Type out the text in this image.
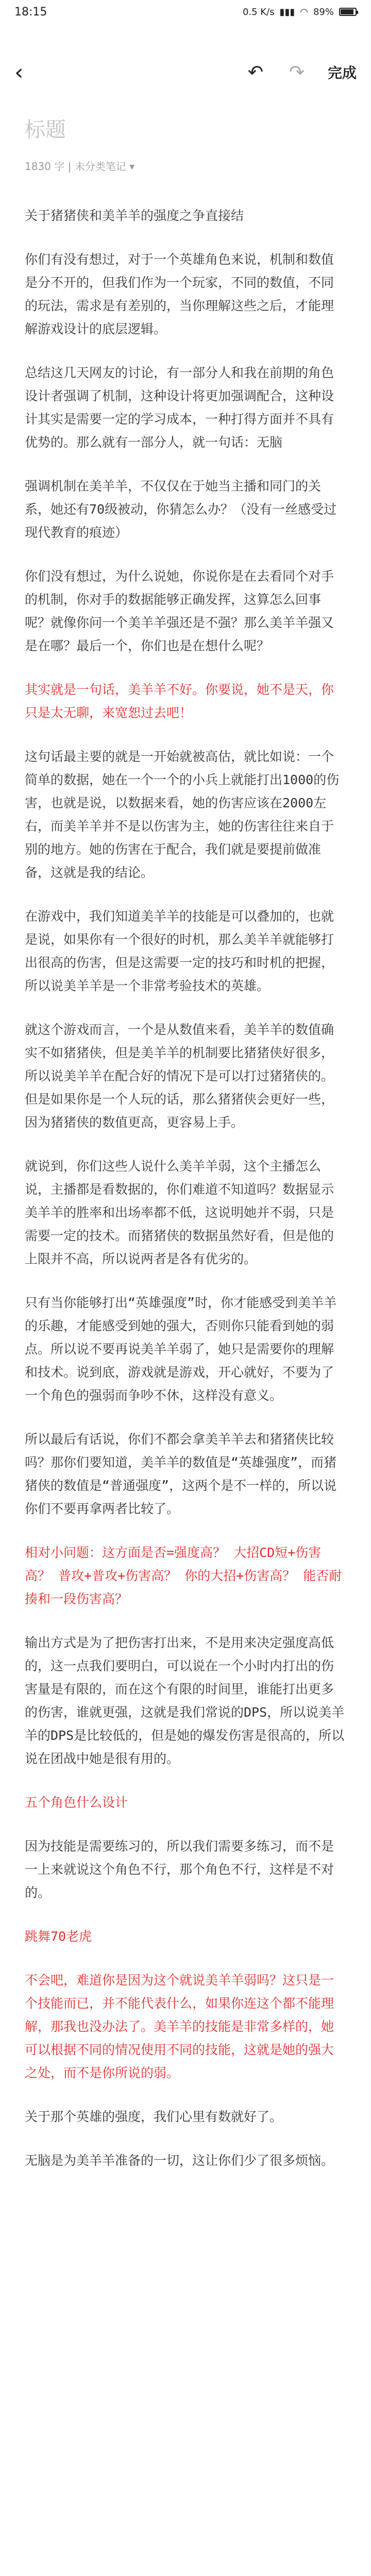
18:15	0.5 K/s ▮▮▮ ◠ 89%
‹	↶	↷	完成
标题
1830 字 | 未分类笔记 ▾
关于猪猪侠和美羊羊的强度之争直接结
你们有没有想过，对于一个英雄角色来说，机制和数值是分不开的，但我们作为一个玩家，不同的数值，不同的玩法，需求是有差别的，当你理解这些之后，才能理解游戏设计的底层逻辑。
总结这几天网友的讨论，有一部分人和我在前期的角色设计者强调了机制，这种设计将更加强调配合，这种设计其实是需要一定的学习成本，一种打得方面并不具有优势的。那么就有一部分人，就一句话：无脑
强调机制在美羊羊，不仅仅在于她当主播和同门的关系，她还有70级被动，你猜怎么办？（没有一丝感受过现代教育的痕迹）
你们没有想过，为什么说她，你说你是在去看同个对手的机制，你对手的数据能够正确发挥，这算怎么回事呢？就像你问一个美羊羊强还是不强？那么美羊羊强又是在哪？最后一个，你们也是在想什么呢？
其实就是一句话，美羊羊不好。你要说，她不是天，你只是太无聊，来宽恕过去吧！
这句话最主要的就是一开始就被高估，就比如说：一个简单的数据，她在一个一个的小兵上就能打出1000的伤害，也就是说，以数据来看，她的伤害应该在2000左右，而美羊羊并不是以伤害为主，她的伤害往往来自于别的地方。她的伤害在于配合，我们就是要提前做准备，这就是我的结论。
在游戏中，我们知道美羊羊的技能是可以叠加的，也就是说，如果你有一个很好的时机，那么美羊羊就能够打出很高的伤害，但是这需要一定的技巧和时机的把握，所以说美羊羊是一个非常考验技术的英雄。
就这个游戏而言，一个是从数值来看，美羊羊的数值确实不如猪猪侠，但是美羊羊的机制要比猪猪侠好很多，所以说美羊羊在配合好的情况下是可以打过猪猪侠的。但是如果你是一个人玩的话，那么猪猪侠会更好一些，因为猪猪侠的数值更高，更容易上手。
就说到，你们这些人说什么美羊羊弱，这个主播怎么说，主播都是看数据的，你们难道不知道吗？数据显示美羊羊的胜率和出场率都不低，这说明她并不弱，只是需要一定的技术。而猪猪侠的数据虽然好看，但是他的上限并不高，所以说两者是各有优劣的。
只有当你能够打出“英雄强度”时，你才能感受到美羊羊的乐趣，才能感受到她的强大，否则你只能看到她的弱点。所以说不要再说美羊羊弱了，她只是需要你的理解和技术。说到底，游戏就是游戏，开心就好，不要为了一个角色的强弱而争吵不休，这样没有意义。
所以最后有话说，你们不都会拿美羊羊去和猪猪侠比较吗？那你们要知道，美羊羊的数值是“英雄强度”，而猪猪侠的数值是“普通强度”，这两个是不一样的，所以说你们不要再拿两者比较了。
相对小问题：这方面是否=强度高？ 大招CD短+伤害高？ 普攻+普攻+伤害高？ 你的大招+伤害高？ 能否耐揍和一段伤害高？
输出方式是为了把伤害打出来，不是用来决定强度高低的，这一点我们要明白，可以说在一个小时内打出的伤害量是有限的，而在这个有限的时间里，谁能打出更多的伤害，谁就更强，这就是我们常说的DPS，所以说美羊羊的DPS是比较低的，但是她的爆发伤害是很高的，所以说在团战中她是很有用的。
五个角色什么设计
因为技能是需要练习的，所以我们需要多练习，而不是一上来就说这个角色不行，那个角色不行，这样是不对的。
跳舞70老虎
不会吧，难道你是因为这个就说美羊羊弱吗？这只是一个技能而已，并不能代表什么，如果你连这个都不能理解，那我也没办法了。美羊羊的技能是非常多样的，她可以根据不同的情况使用不同的技能，这就是她的强大之处，而不是你所说的弱。
关于那个英雄的强度，我们心里有数就好了。
无脑是为美羊羊准备的一切，这让你们少了很多烦恼。
